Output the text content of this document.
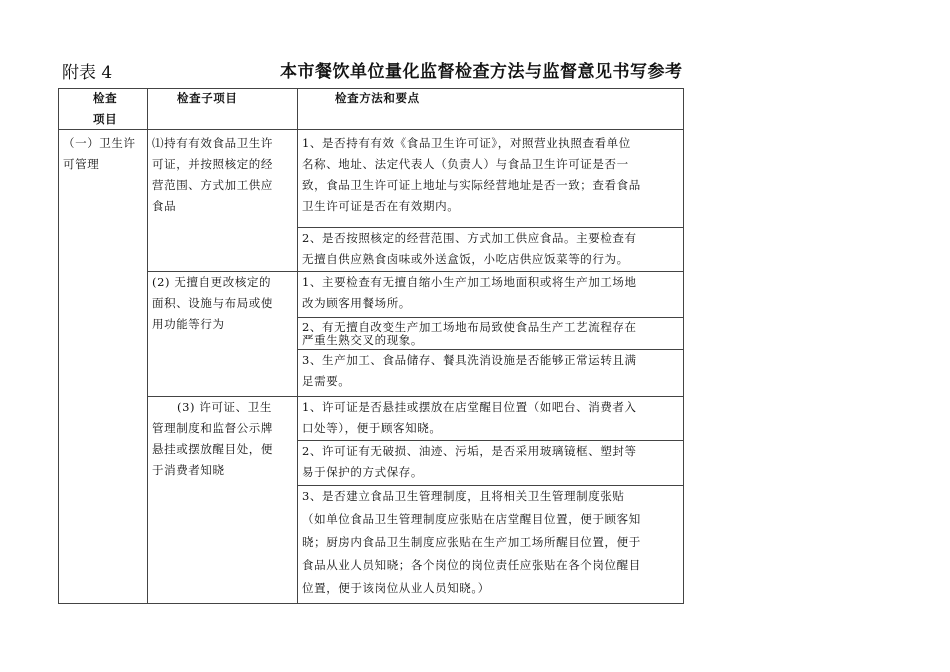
附表 4	本市餐饮单位量化监督检查方法与监督意见书写参考
检查
项目
检查子项目	检查方法和要点
（一）卫生许
可管理
⑴持有有效食品卫生许
可证，并按照核定的经
营范围、方式加工供应
食品
1、是否持有有效《食品卫生许可证》，对照营业执照查看单位
名称、地址、法定代表人（负责人）与食品卫生许可证是否一
致，食品卫生许可证上地址与实际经营地址是否一致；查看食品
卫生许可证是否在有效期内。
2、是否按照核定的经营范围、方式加工供应食品。主要检查有
无擅自供应熟食卤味或外送盒饭，小吃店供应饭菜等的行为。
(2) 无擅自更改核定的
面积、设施与布局或使
用功能等行为
1、主要检查有无擅自缩小生产加工场地面积或将生产加工场地
改为顾客用餐场所。
2、有无擅自改变生产加工场地布局致使食品生产工艺流程存在
严重生熟交叉的现象。
3、生产加工、食品储存、餐具洗消设施是否能够正常运转且满
足需要。
(3) 许可证、卫生
管理制度和监督公示牌
悬挂或摆放醒目处，便
于消费者知晓
1、许可证是否悬挂或摆放在店堂醒目位置（如吧台、消费者入
口处等），便于顾客知晓。
2、许可证有无破损、油迹、污垢，是否采用玻璃镜框、塑封等
易于保护的方式保存。
3、是否建立食品卫生管理制度，且将相关卫生管理制度张贴
（如单位食品卫生管理制度应张贴在店堂醒目位置，便于顾客知
晓；厨房内食品卫生制度应张贴在生产加工场所醒目位置，便于
食品从业人员知晓；各个岗位的岗位责任应张贴在各个岗位醒目
位置，便于该岗位从业人员知晓。）
